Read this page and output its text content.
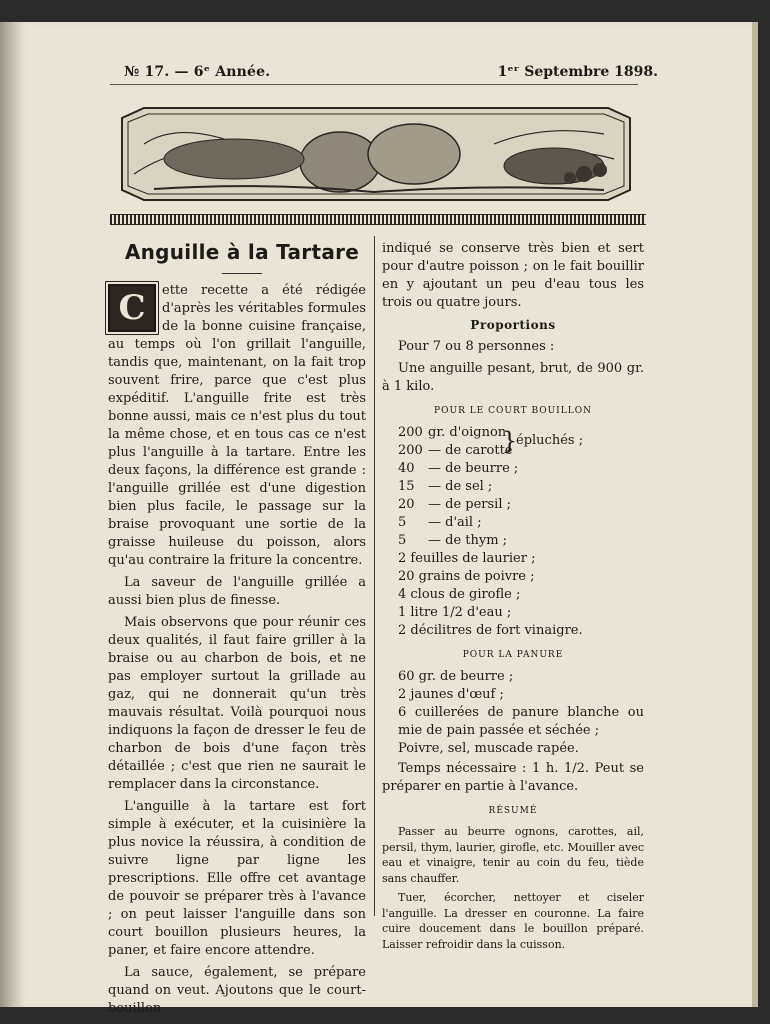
№ 17. — 6ᵉ Année.	1ᵉʳ Septembre 1898.
Anguille à la Tartare

C	ette recette a été rédigée d'après les véritables formules de la bonne cuisine française, au temps où l'on grillait l'anguille, tandis que, maintenant, on la fait trop souvent frire, parce que c'est plus expéditif. L'anguille frite est très bonne aussi, mais ce n'est plus du tout la même chose, et en tous cas ce n'est plus l'anguille à la tartare. Entre les deux façons, la différence est grande : l'anguille grillée est d'une digestion bien plus facile, le passage sur la braise provoquant une sortie de la graisse huileuse du poisson, alors qu'au contraire la friture la concentre.

La saveur de l'anguille grillée a aussi bien plus de finesse.

Mais observons que pour réunir ces deux qualités, il faut faire griller à la braise ou au charbon de bois, et ne pas employer surtout la grillade au gaz, qui ne donnerait qu'un très mauvais résultat. Voilà pourquoi nous indiquons la façon de dresser le feu de charbon de bois d'une façon très détaillée ; c'est que rien ne saurait le remplacer dans la circonstance.

L'anguille à la tartare est fort simple à exécuter, et la cuisinière la plus novice la réussira, à condition de suivre ligne par ligne les prescriptions. Elle offre cet avantage de pouvoir se préparer très à l'avance ; on peut laisser l'anguille dans son court bouillon plusieurs heures, la paner, et faire encore attendre.

La sauce, également, se prépare quand on veut. Ajoutons que le court-bouillon

indiqué se conserve très bien et sert pour d'autre poisson ; on le fait bouillir en y ajoutant un peu d'eau tous les trois ou quatre jours.

Proportions

Pour 7 ou 8 personnes :

Une anguille pesant, brut, de 900 gr. à 1 kilo.

POUR LE COURT BOUILLON
200 gr. d'oignon
200 — de carotte
40	— de beurre ;
15	— de sel ;
20	— de persil ;
5	— d'ail ;
5	— de thym ;
}
épluchés ;
2 feuilles de laurier ;
20 grains de poivre ;
4 clous de girofle ;
1 litre 1/2 d'eau ;
2 décilitres de fort vinaigre.
POUR LA PANURE
60 gr. de beurre ;
2 jaunes d'œuf ;
6 cuillerées de panure blanche ou mie de pain passée et séchée ;
Poivre, sel, muscade rapée.

Temps nécessaire : 1 h. 1/2. Peut se préparer en partie à l'avance.

RÉSUMÉ

Passer au beurre ognons, carottes, ail, persil, thym, laurier, girofle, etc. Mouiller avec eau et vinaigre, tenir au coin du feu, tiède sans chauffer.

Tuer, écorcher, nettoyer et ciseler l'anguille. La dresser en couronne. La faire cuire doucement dans le bouillon préparé. Laisser refroidir dans la cuisson.
